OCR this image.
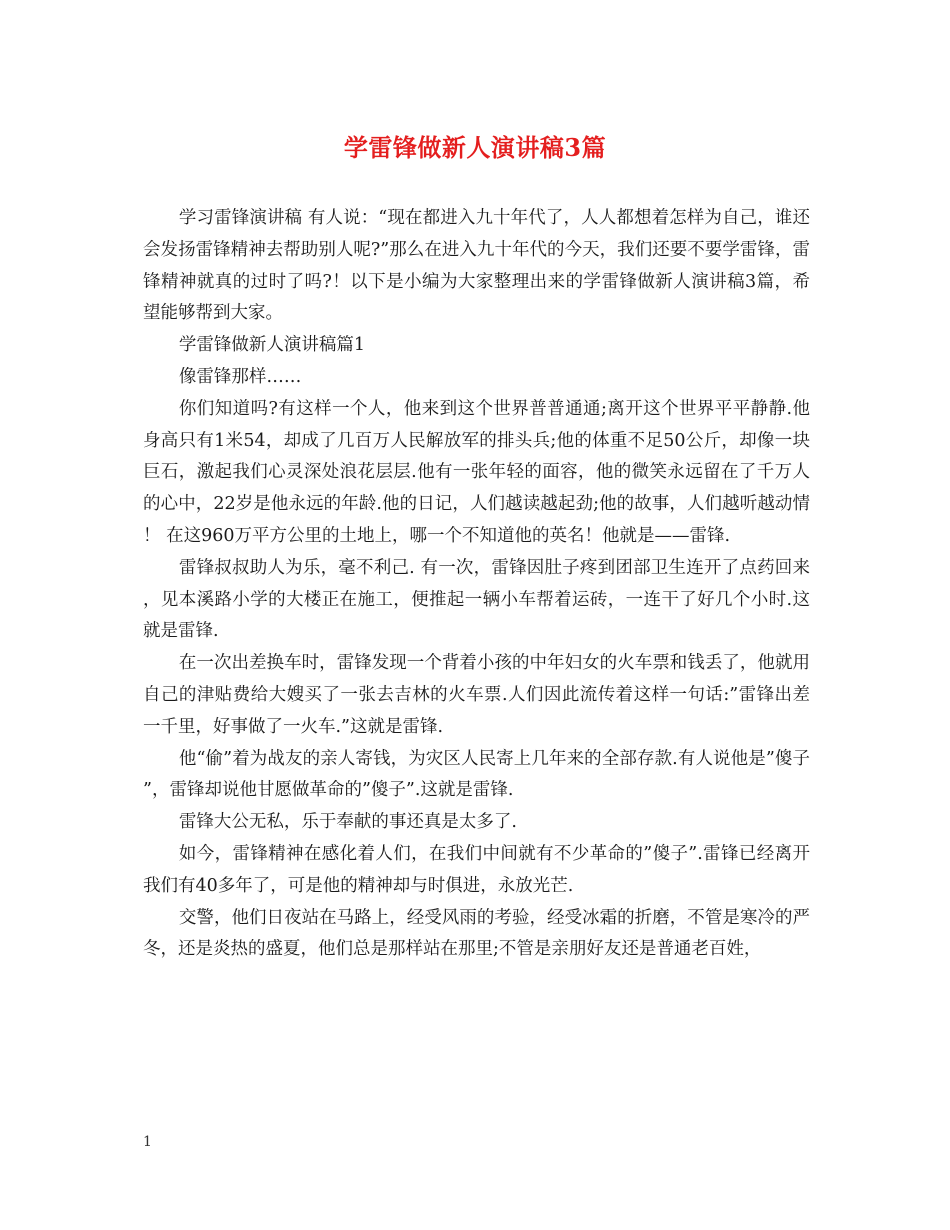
学雷锋做新人演讲稿3篇

学习雷锋演讲稿 有人说：“现在都进入九十年代了，人人都想着怎样为自己，谁还会发扬雷锋精神去帮助别人呢?”那么在进入九十年代的今天，我们还要不要学雷锋，雷锋精神就真的过时了吗?！以下是小编为大家整理出来的学雷锋做新人演讲稿3篇，希望能够帮到大家。

学雷锋做新人演讲稿篇1

像雷锋那样……

你们知道吗?有这样一个人，他来到这个世界普普通通;离开这个世界平平静静.他身高只有1米54，却成了几百万人民解放军的排头兵;他的体重不足50公斤，却像一块巨石，激起我们心灵深处浪花层层.他有一张年轻的面容，他的微笑永远留在了千万人的心中，22岁是他永远的年龄.他的日记，人们越读越起劲;他的故事，人们越听越动情！ 在这960万平方公里的土地上，哪一个不知道他的英名！他就是——雷锋.

雷锋叔叔助人为乐，毫不利己. 有一次，雷锋因肚子疼到团部卫生连开了点药回来，见本溪路小学的大楼正在施工，便推起一辆小车帮着运砖，一连干了好几个小时.这就是雷锋.

在一次出差换车时，雷锋发现一个背着小孩的中年妇女的火车票和钱丢了，他就用自己的津贴费给大嫂买了一张去吉林的火车票.人们因此流传着这样一句话:”雷锋出差一千里，好事做了一火车.”这就是雷锋.

他“偷”着为战友的亲人寄钱，为灾区人民寄上几年来的全部存款.有人说他是”傻子”，雷锋却说他甘愿做革命的”傻子”.这就是雷锋.

雷锋大公无私，乐于奉献的事还真是太多了.

如今，雷锋精神在感化着人们，在我们中间就有不少革命的”傻子”.雷锋已经离开我们有40多年了，可是他的精神却与时俱进，永放光芒.

交警，他们日夜站在马路上，经受风雨的考验，经受冰霜的折磨，不管是寒冷的严冬，还是炎热的盛夏，他们总是那样站在那里;不管是亲朋好友还是普通老百姓，

1
